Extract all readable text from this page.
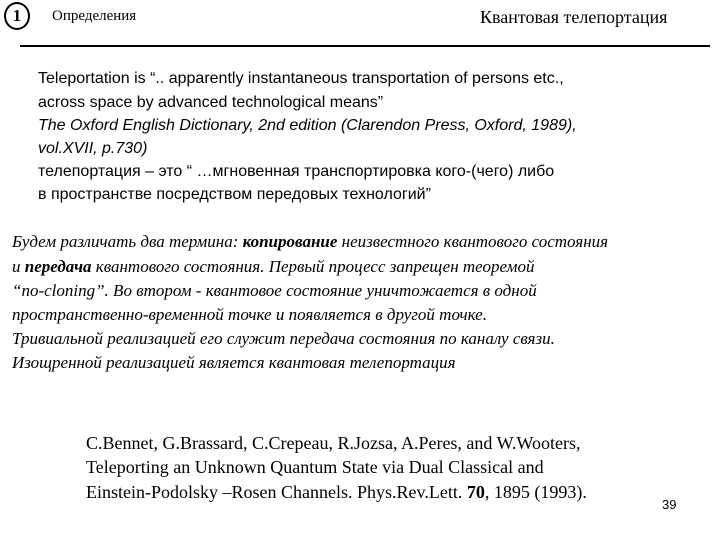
1	Определения	Квантовая телепортация
Teleportation is “.. apparently instantaneous transportation of persons etc.,
across space by advanced technological means”
The Oxford English Dictionary, 2nd edition (Clarendon Press, Oxford, 1989),
vol.XVII, p.730)
телепортация – это “ …мгновенная транспортировка кого-(чего) либо
в пространстве посредством передовых технологий”
Будем различать два термина: копирование неизвестного квантового состояния
и передача квантового состояния. Первый процесс запрещен теоремой
“no-cloning”. Во втором - квантовое состояние уничтожается в одной
пространственно-временной точке и появляется в другой точке.
Тривиальной реализацией его служит передача состояния по каналу связи.
Изощренной реализацией является квантовая телепортация
C.Bennet, G.Brassard, C.Crepeau, R.Jozsa, A.Peres, and W.Wooters,
Teleporting an Unknown Quantum State via Dual Classical and
Einstein-Podolsky –Rosen Channels. Phys.Rev.Lett. 70, 1895 (1993).
39
